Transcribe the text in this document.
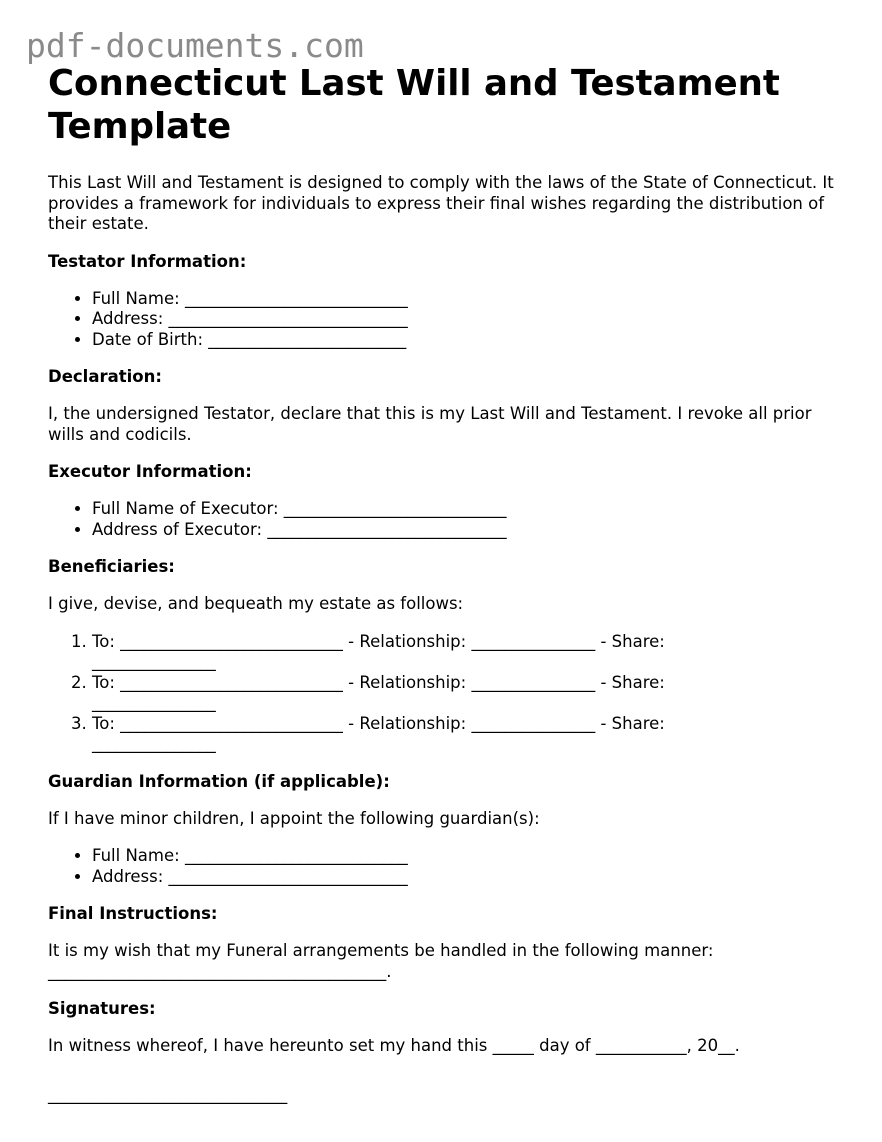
pdf-documents.com
Connecticut Last Will and Testament Template

This Last Will and Testament is designed to comply with the laws of the State of Connecticut. It provides a framework for individuals to express their final wishes regarding the distribution of their estate.

Testator Information:
• Full Name: ___________________________
• Address: _____________________________
• Date of Birth: ________________________
Declaration:

I, the undersigned Testator, declare that this is my Last Will and Testament. I revoke all prior wills and codicils.

Executor Information:
• Full Name of Executor: ___________________________
• Address of Executor: _____________________________
Beneficiaries:

I give, devise, and bequeath my estate as follows:

1. To: ___________________________ - Relationship: _______________ - Share: _______________
2. To: ___________________________ - Relationship: _______________ - Share: _______________
3. To: ___________________________ - Relationship: _______________ - Share: _______________
Guardian Information (if applicable):

If I have minor children, I appoint the following guardian(s):

• Full Name: ___________________________
• Address: _____________________________
Final Instructions:

It is my wish that my Funeral arrangements be handled in the following manner: _________________________________________.

Signatures:

In witness whereof, I have hereunto set my hand this _____ day of ___________, 20__.

_____________________________
